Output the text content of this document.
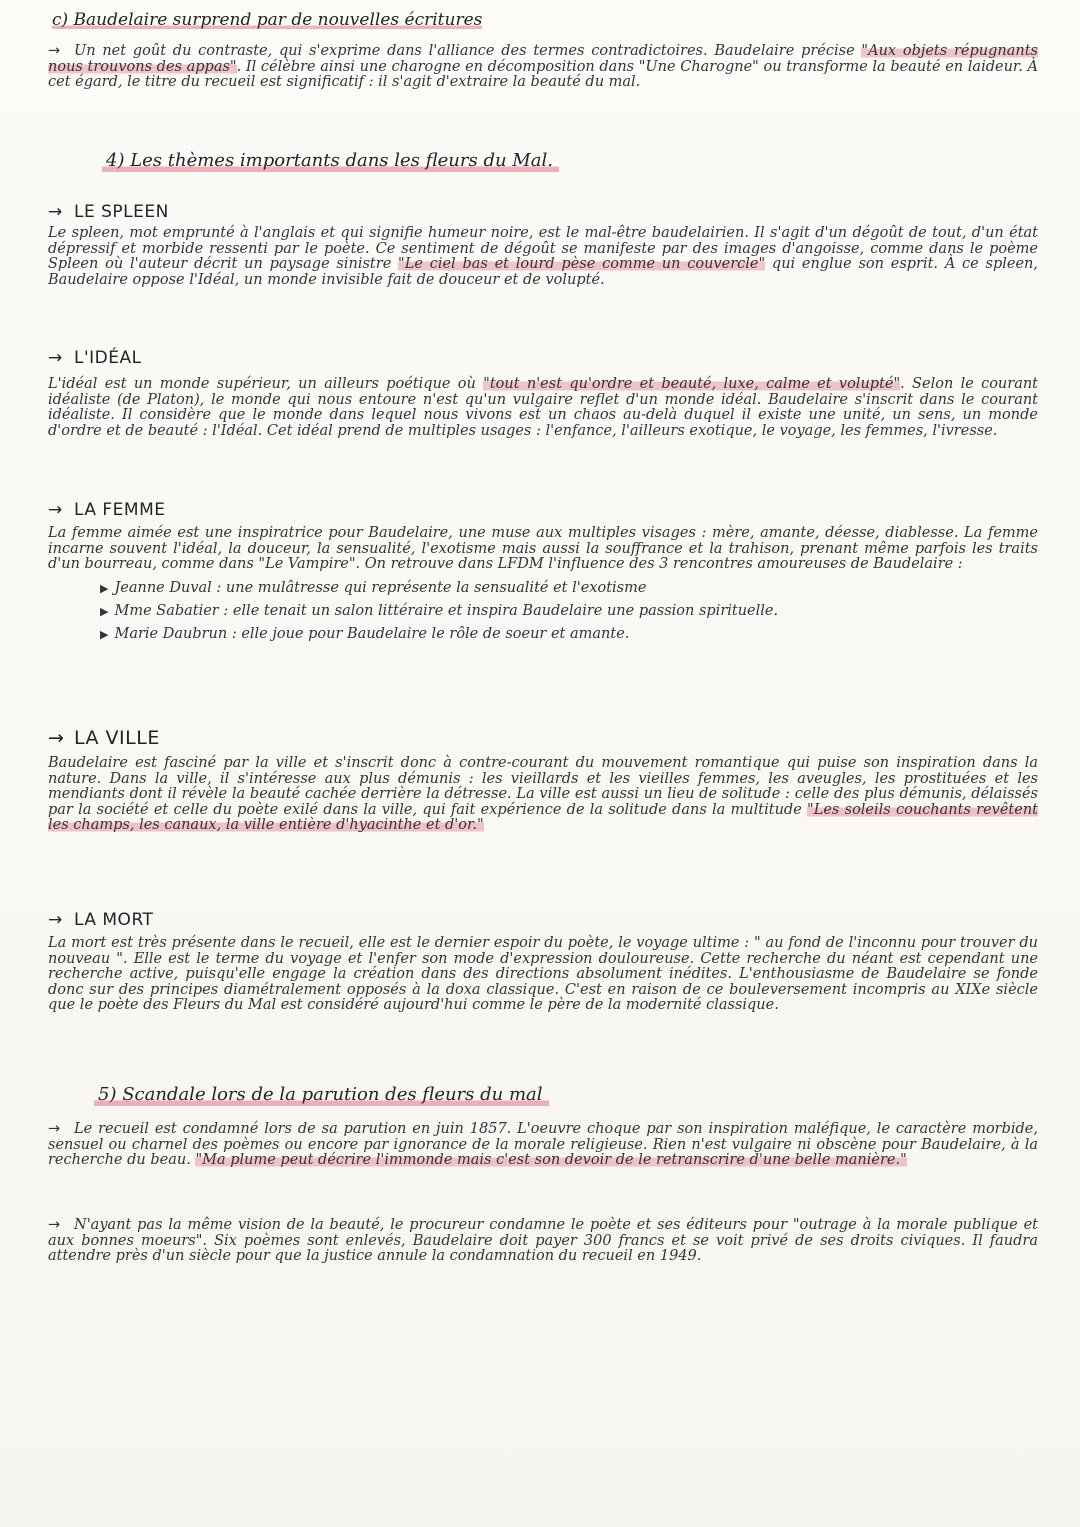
c) Baudelaire surprend par de nouvelles écritures

→ Un net goût du contraste, qui s'exprime dans l'alliance des termes contradictoires. Baudelaire précise "Aux objets répugnants nous trouvons des appas". Il célèbre ainsi une charogne en décomposition dans "Une Charogne" ou transforme la beauté en laideur. À cet égard, le titre du recueil est significatif : il s'agit d'extraire la beauté du mal.

4) Les thèmes importants dans les fleurs du Mal.
→ LE SPLEEN

Le spleen, mot emprunté à l'anglais et qui signifie humeur noire, est le mal-être baudelairien. Il s'agit d'un dégoût de tout, d'un état dépressif et morbide ressenti par le poète. Ce sentiment de dégoût se manifeste par des images d'angoisse, comme dans le poème Spleen où l'auteur décrit un paysage sinistre "Le ciel bas et lourd pèse comme un couvercle" qui englue son esprit. À ce spleen, Baudelaire oppose l'Idéal, un monde invisible fait de douceur et de volupté.

→ L'IDÉAL

L'idéal est un monde supérieur, un ailleurs poétique où "tout n'est qu'ordre et beauté, luxe, calme et volupté". Selon le courant idéaliste (de Platon), le monde qui nous entoure n'est qu'un vulgaire reflet d'un monde idéal. Baudelaire s'inscrit dans le courant idéaliste. Il considère que le monde dans lequel nous vivons est un chaos au-delà duquel il existe une unité, un sens, un monde d'ordre et de beauté : l'Idéal. Cet idéal prend de multiples usages : l'enfance, l'ailleurs exotique, le voyage, les femmes, l'ivresse.

→ LA FEMME

La femme aimée est une inspiratrice pour Baudelaire, une muse aux multiples visages : mère, amante, déesse, diablesse. La femme incarne souvent l'idéal, la douceur, la sensualité, l'exotisme mais aussi la souffrance et la trahison, prenant même parfois les traits d'un bourreau, comme dans "Le Vampire". On retrouve dans LFDM l'influence des 3 rencontres amoureuses de Baudelaire :

▶ Jeanne Duval : une mulâtresse qui représente la sensualité et l'exotisme
▶ Mme Sabatier : elle tenait un salon littéraire et inspira Baudelaire une passion spirituelle.
▶ Marie Daubrun : elle joue pour Baudelaire le rôle de soeur et amante.
→ LA VILLE

Baudelaire est fasciné par la ville et s'inscrit donc à contre-courant du mouvement romantique qui puise son inspiration dans la nature. Dans la ville, il s'intéresse aux plus démunis : les vieillards et les vieilles femmes, les aveugles, les prostituées et les mendiants dont il révèle la beauté cachée derrière la détresse. La ville est aussi un lieu de solitude : celle des plus démunis, délaissés par la société et celle du poète exilé dans la ville, qui fait expérience de la solitude dans la multitude "Les soleils couchants revêtent les champs, les canaux, la ville entière d'hyacinthe et d'or."

→ LA MORT

La mort est très présente dans le recueil, elle est le dernier espoir du poète, le voyage ultime : " au fond de l'inconnu pour trouver du nouveau ". Elle est le terme du voyage et l'enfer son mode d'expression douloureuse. Cette recherche du néant est cependant une recherche active, puisqu'elle engage la création dans des directions absolument inédites. L'enthousiasme de Baudelaire se fonde donc sur des principes diamétralement opposés à la doxa classique. C'est en raison de ce bouleversement incompris au XIXe siècle que le poète des Fleurs du Mal est considéré aujourd'hui comme le père de la modernité classique.

5) Scandale lors de la parution des fleurs du mal

→ Le recueil est condamné lors de sa parution en juin 1857. L'oeuvre choque par son inspiration maléfique, le caractère morbide, sensuel ou charnel des poèmes ou encore par ignorance de la morale religieuse. Rien n'est vulgaire ni obscène pour Baudelaire, à la recherche du beau. "Ma plume peut décrire l'immonde mais c'est son devoir de le retranscrire d'une belle manière."

→ N'ayant pas la même vision de la beauté, le procureur condamne le poète et ses éditeurs pour "outrage à la morale publique et aux bonnes moeurs". Six poèmes sont enlevés, Baudelaire doit payer 300 francs et se voit privé de ses droits civiques. Il faudra attendre près d'un siècle pour que la justice annule la condamnation du recueil en 1949.
